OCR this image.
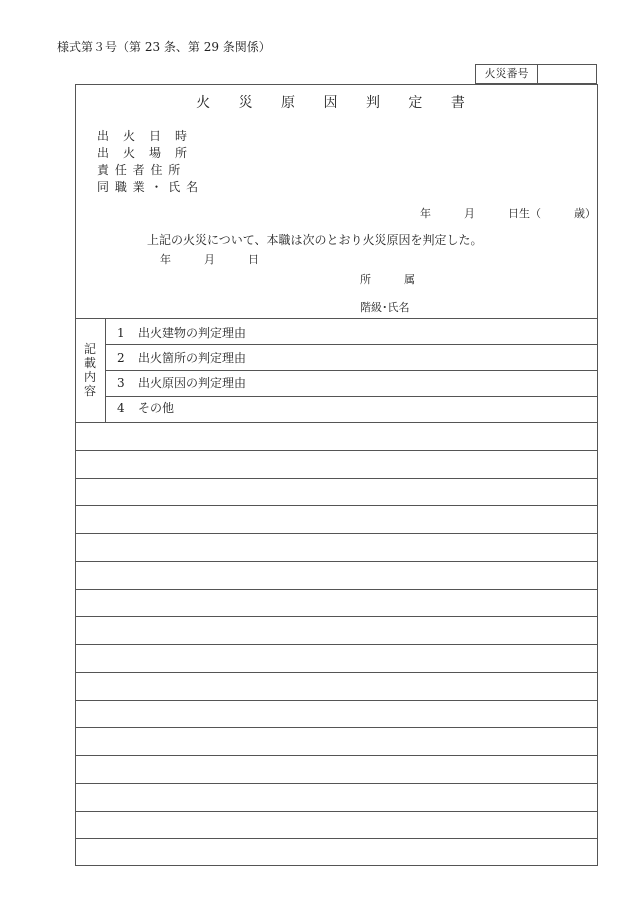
様式第３号（第 23 条、第 29 条関係）
火災番号
火 災 原 因 判 定 書
出　火　日　時
出　火　場　所
責 任 者 住 所
同 職 業 ・ 氏 名
年　　　月　　　日生（　　　歳）
上記の火災について、本職は次のとおり火災原因を判定した。
年　　　月　　　日
所　　　属
階級･氏名
記載内容
1 出火建物の判定理由
2 出火箇所の判定理由
3 出火原因の判定理由
4 その他
